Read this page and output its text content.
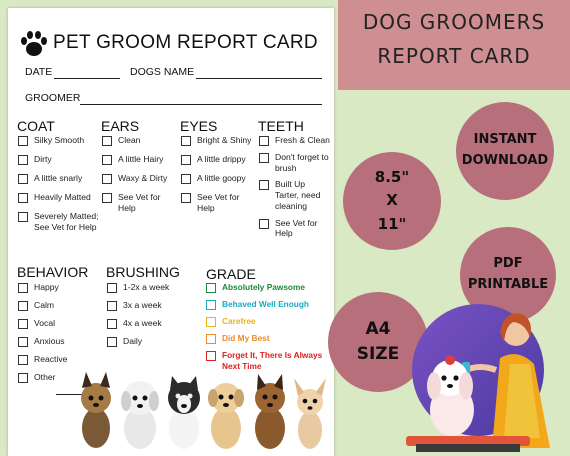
PET GROOM REPORT CARD
DATE	DOGS NAME
GROOMER
COAT
Silky Smooth
Dirty
A little snarly
Heavily Matted
Severely Matted; See Vet for Help
EARS
Clean
A little Hairy
Waxy & Dirty
See Vet for Help
EYES
Bright & Shiny
A little drippy
A little goopy
See Vet for Help
TEETH
Fresh & Clean
Don't forget to brush
Built Up Tarter, need cleaning
See Vet for Help
BEHAVIOR
Happy
Calm
Vocal
Anxious
Reactive
Other
BRUSHING
1-2x a week
3x a week
4x a week
Daily
GRADE
Absolutely Pawsome
Behaved Well Enough
Carefree
Did My Best
Forget It, There Is Always Next Time
DOG GROOMERS
REPORT CARD
INSTANT
DOWNLOAD
8.5"
X
11"
PDF
PRINTABLE
A4
SIZE
